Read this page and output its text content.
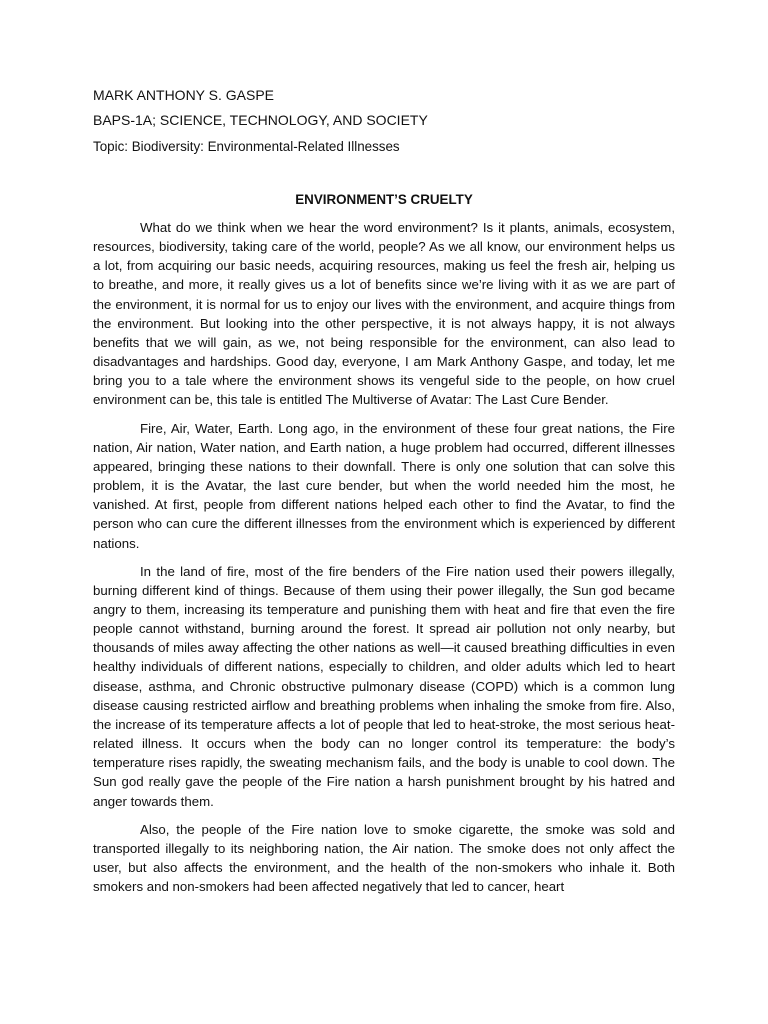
MARK ANTHONY S. GASPE
BAPS-1A; SCIENCE, TECHNOLOGY, AND SOCIETY
Topic: Biodiversity: Environmental-Related Illnesses
ENVIRONMENT’S CRUELTY

What do we think when we hear the word environment? Is it plants, animals, ecosystem, resources, biodiversity, taking care of the world, people? As we all know, our environment helps us a lot, from acquiring our basic needs, acquiring resources, making us feel the fresh air, helping us to breathe, and more, it really gives us a lot of benefits since we’re living with it as we are part of the environment, it is normal for us to enjoy our lives with the environment, and acquire things from the environment. But looking into the other perspective, it is not always happy, it is not always benefits that we will gain, as we, not being responsible for the environment, can also lead to disadvantages and hardships. Good day, everyone, I am Mark Anthony Gaspe, and today, let me bring you to a tale where the environment shows its vengeful side to the people, on how cruel environment can be, this tale is entitled The Multiverse of Avatar: The Last Cure Bender.

Fire, Air, Water, Earth. Long ago, in the environment of these four great nations, the Fire nation, Air nation, Water nation, and Earth nation, a huge problem had occurred, different illnesses appeared, bringing these nations to their downfall. There is only one solution that can solve this problem, it is the Avatar, the last cure bender, but when the world needed him the most, he vanished. At first, people from different nations helped each other to find the Avatar, to find the person who can cure the different illnesses from the environment which is experienced by different nations.

In the land of fire, most of the fire benders of the Fire nation used their powers illegally, burning different kind of things. Because of them using their power illegally, the Sun god became angry to them, increasing its temperature and punishing them with heat and fire that even the fire people cannot withstand, burning around the forest. It spread air pollution not only nearby, but thousands of miles away affecting the other nations as well—it caused breathing difficulties in even healthy individuals of different nations, especially to children, and older adults which led to heart disease, asthma, and Chronic obstructive pulmonary disease (COPD) which is a common lung disease causing restricted airflow and breathing problems when inhaling the smoke from fire. Also, the increase of its temperature affects a lot of people that led to heat-stroke, the most serious heat-related illness. It occurs when the body can no longer control its temperature: the body’s temperature rises rapidly, the sweating mechanism fails, and the body is unable to cool down. The Sun god really gave the people of the Fire nation a harsh punishment brought by his hatred and anger towards them.

Also, the people of the Fire nation love to smoke cigarette, the smoke was sold and transported illegally to its neighboring nation, the Air nation. The smoke does not only affect the user, but also affects the environment, and the health of the non-smokers who inhale it. Both smokers and non-smokers had been affected negatively that led to cancer, heart
